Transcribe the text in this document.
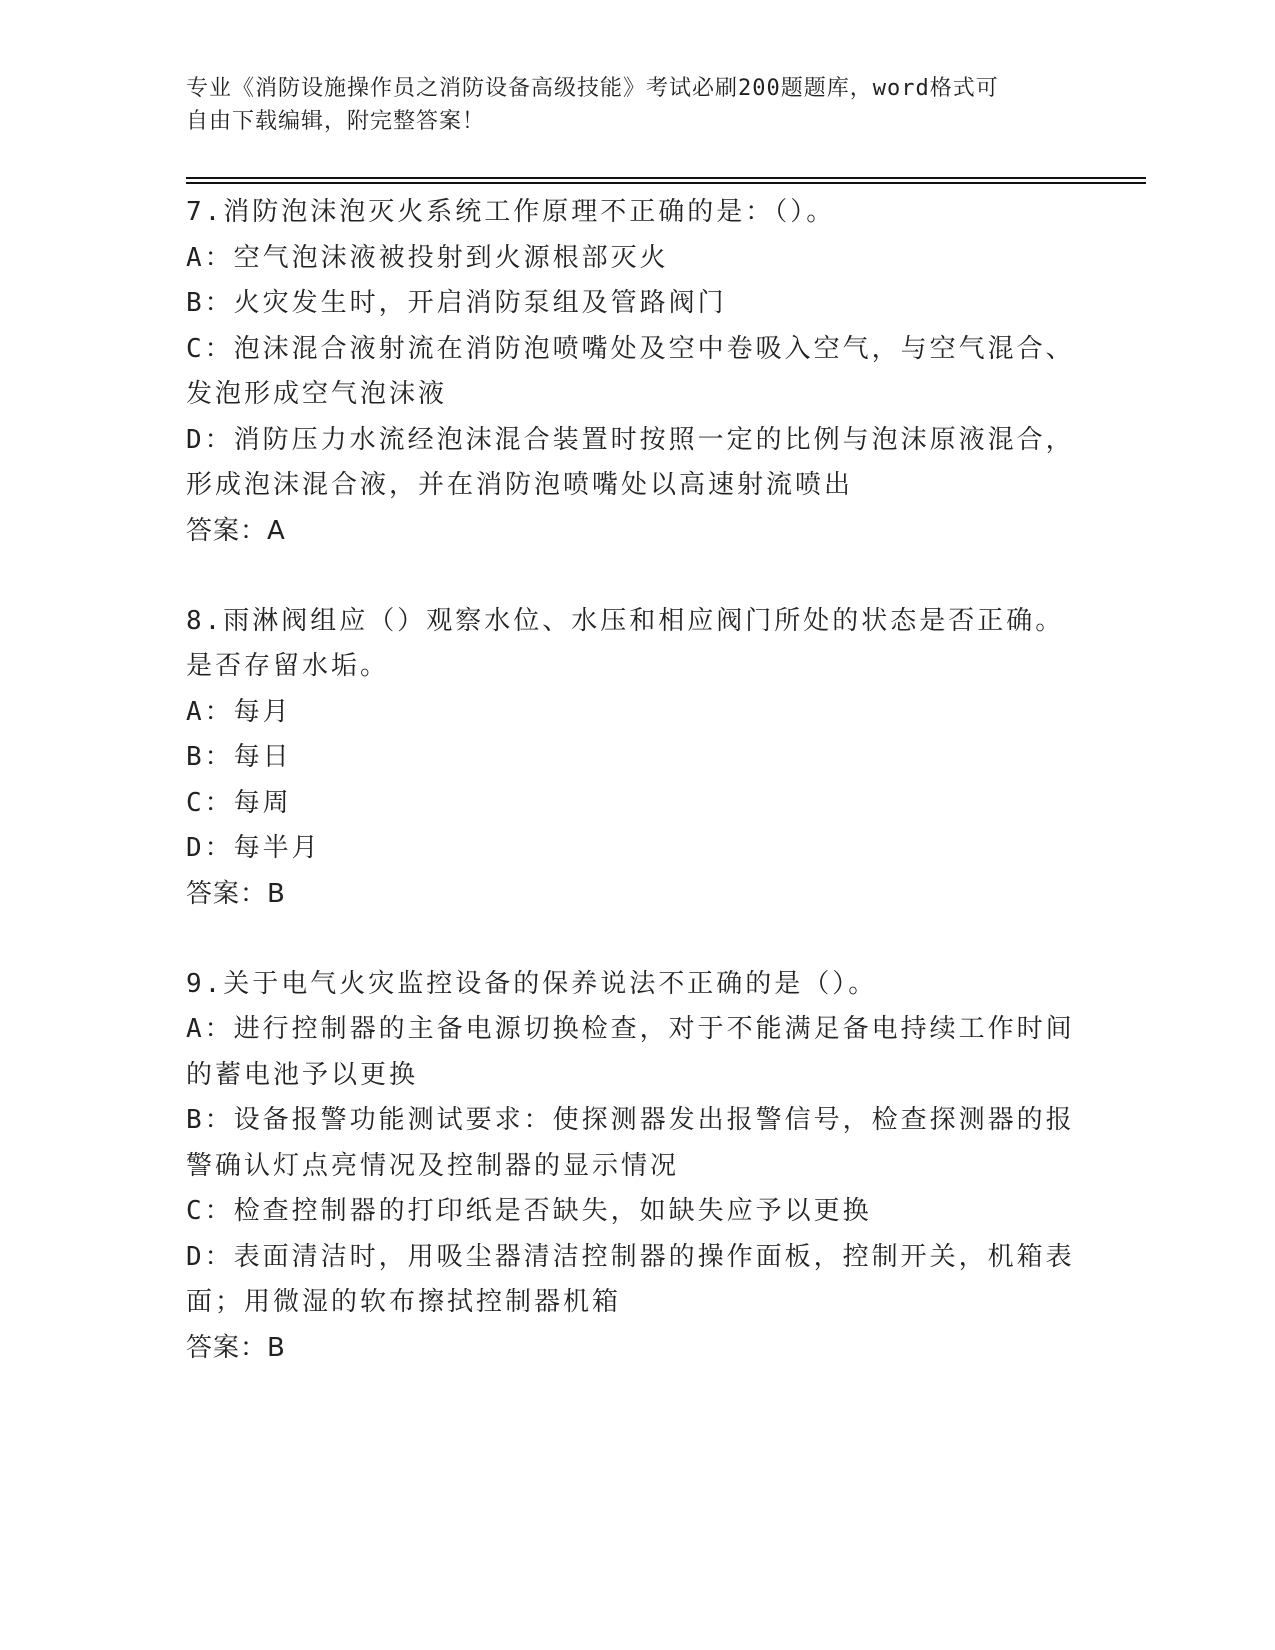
专业《消防设施操作员之消防设备高级技能》考试必刷200题题库，word格式可
自由下载编辑，附完整答案！

7.消防泡沫泡灭火系统工作原理不正确的是：（）。

A：空气泡沫液被投射到火源根部灭火

B：火灾发生时，开启消防泵组及管路阀门

C：泡沫混合液射流在消防泡喷嘴处及空中卷吸入空气，与空气混合、发泡形成空气泡沫液

D：消防压力水流经泡沫混合装置时按照一定的比例与泡沫原液混合，形成泡沫混合液，并在消防泡喷嘴处以高速射流喷出

答案：A

8.雨淋阀组应（）观察水位、水压和相应阀门所处的状态是否正确。是否存留水垢。

A：每月

B：每日

C：每周

D：每半月

答案：B

9.关于电气火灾监控设备的保养说法不正确的是（）。

A：进行控制器的主备电源切换检查，对于不能满足备电持续工作时间的蓄电池予以更换

B：设备报警功能测试要求：使探测器发出报警信号，检查探测器的报警确认灯点亮情况及控制器的显示情况

C：检查控制器的打印纸是否缺失，如缺失应予以更换

D：表面清洁时，用吸尘器清洁控制器的操作面板，控制开关，机箱表面；用微湿的软布擦拭控制器机箱

答案：B
